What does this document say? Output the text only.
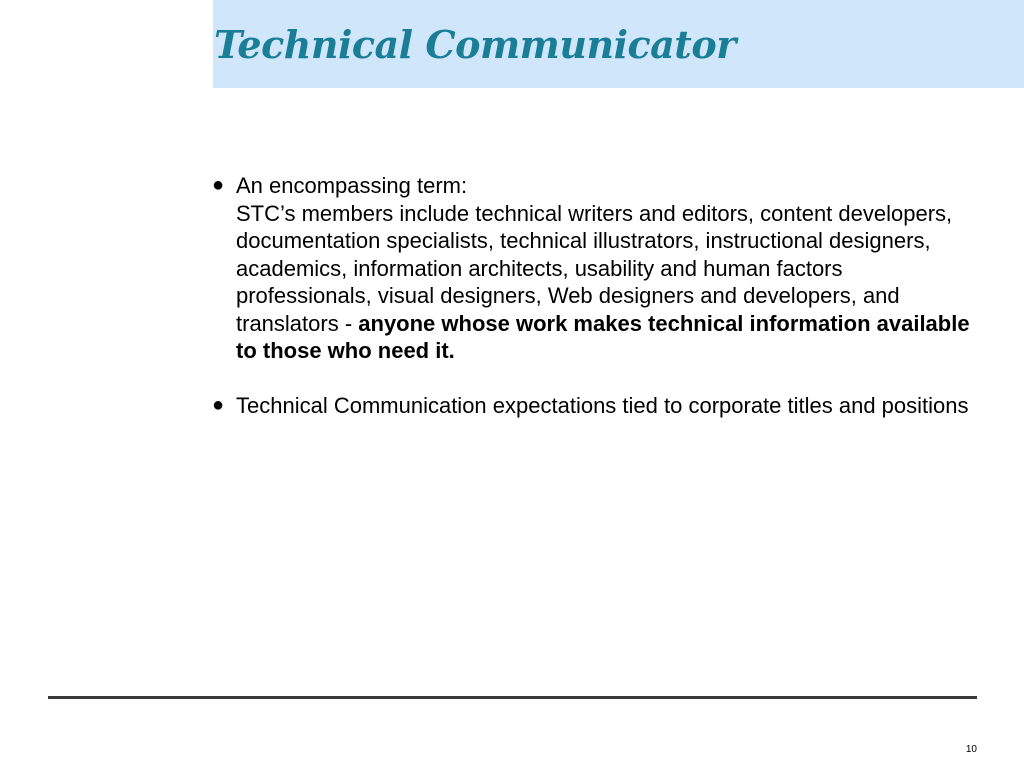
Technical Communicator
● An encompassing term:
STC’s members include technical writers and editors, content developers, documentation specialists, technical illustrators, instructional designers, academics, information architects, usability and human factors professionals, visual designers, Web designers and developers, and translators - anyone whose work makes technical information available to those who need it.
● Technical Communication expectations tied to corporate titles and positions
10
